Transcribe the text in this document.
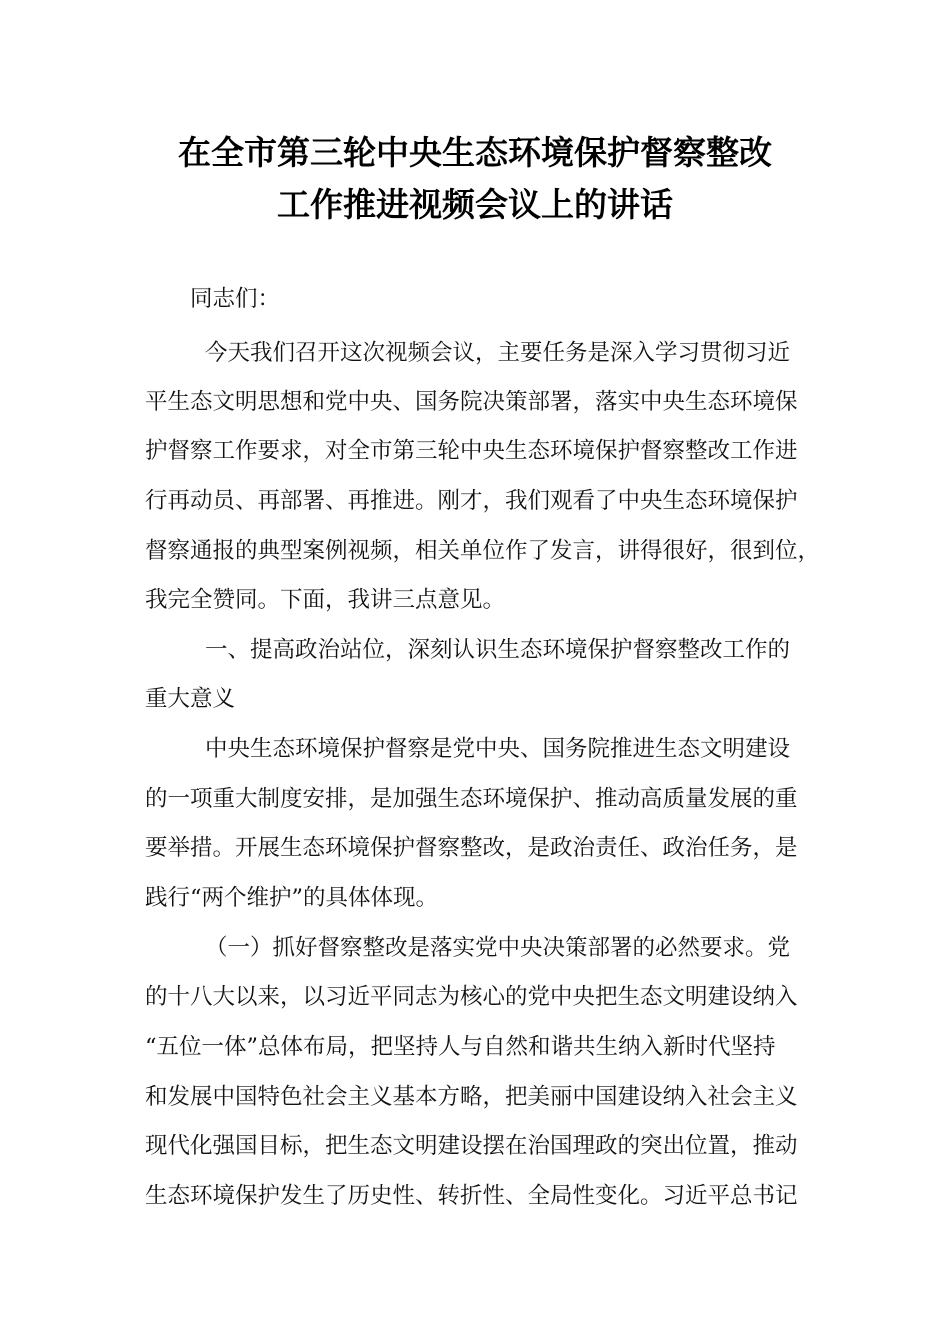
在全市第三轮中央生态环境保护督察整改
工作推进视频会议上的讲话
同志们：
今天我们召开这次视频会议，主要任务是深入学习贯彻习近
平生态文明思想和党中央、国务院决策部署，落实中央生态环境保
护督察工作要求，对全市第三轮中央生态环境保护督察整改工作进
行再动员、再部署、再推进。刚才，我们观看了中央生态环境保护
督察通报的典型案例视频，相关单位作了发言，讲得很好，很到位，
我完全赞同。下面，我讲三点意见。
一、提高政治站位，深刻认识生态环境保护督察整改工作的
重大意义
中央生态环境保护督察是党中央、国务院推进生态文明建设
的一项重大制度安排，是加强生态环境保护、推动高质量发展的重
要举措。开展生态环境保护督察整改，是政治责任、政治任务，是
践行“两个维护”的具体体现。
（一）抓好督察整改是落实党中央决策部署的必然要求。党
的十八大以来，以习近平同志为核心的党中央把生态文明建设纳入
“五位一体”总体布局，把坚持人与自然和谐共生纳入新时代坚持
和发展中国特色社会主义基本方略，把美丽中国建设纳入社会主义
现代化强国目标，把生态文明建设摆在治国理政的突出位置，推动
生态环境保护发生了历史性、转折性、全局性变化。习近平总书记
